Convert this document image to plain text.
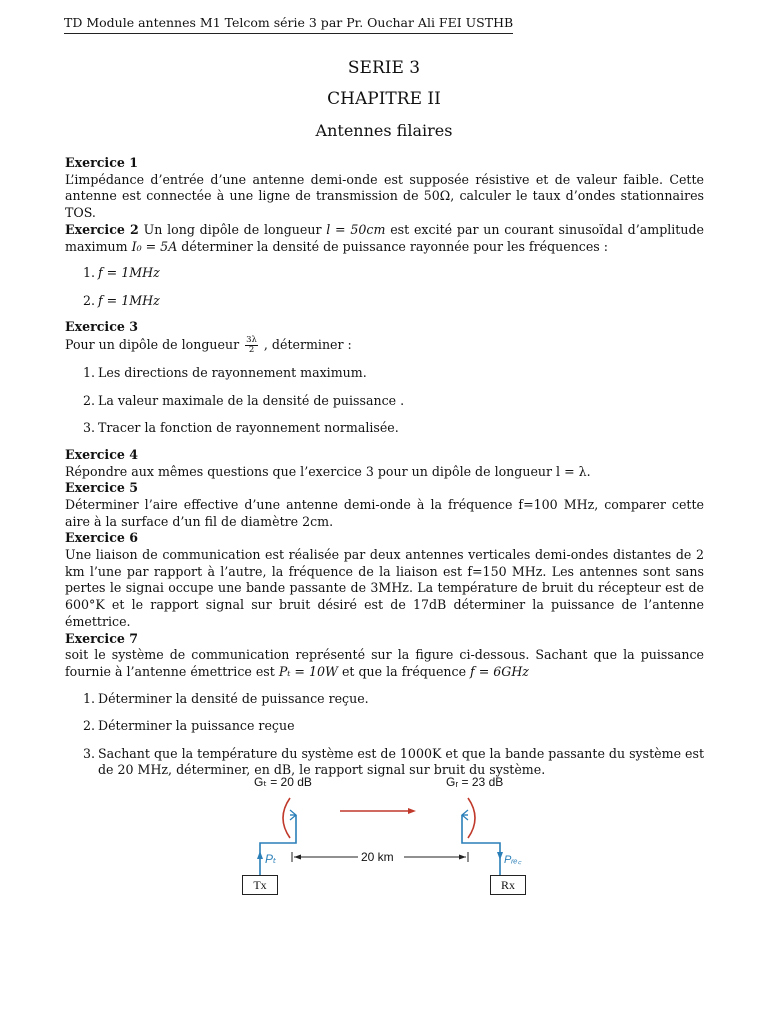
TD Module antennes M1 Telcom série 3 par Pr. Ouchar Ali FEI USTHB
SERIE 3
CHAPITRE II
Antennes filaires

Exercice 1

L’impédance d’entrée d’une antenne demi-onde est supposée résistive et de valeur faible. Cette antenne est connectée à une ligne de transmission de 50Ω, calculer le taux d’ondes stationnaires TOS.

Exercice 2 Un long dipôle de longueur l = 50cm est excité par un courant sinusoïdal d’amplitude maximum I₀ = 5A déterminer la densité de puissance rayonnée pour les fréquences :

1. f = 1MHz
2. f = 1MHz

Exercice 3

Pour un dipôle de longueur $\frac{3\lambda}{2}$ , déterminer :

1. Les directions de rayonnement maximum.
2. La valeur maximale de la densité de puissance .
3. Tracer la fonction de rayonnement normalisée.

Exercice 4

Répondre aux mêmes questions que l’exercice 3 pour un dipôle de longueur l = λ.

Exercice 5

Déterminer l’aire effective d’une antenne demi-onde à la fréquence f=100 MHz, comparer cette aire à la surface d’un fil de diamètre 2cm.

Exercice 6

Une liaison de communication est réalisée par deux antennes verticales demi-ondes distantes de 2 km l’une par rapport à l’autre, la fréquence de la liaison est f=150 MHz. Les antennes sont sans pertes le signai occupe une bande passante de 3MHz. La température de bruit du récepteur est de 600°K et le rapport signal sur bruit désiré est de 17dB déterminer la puissance de l’antenne émettrice.

Exercice 7

soit le système de communication représenté sur la figure ci-dessous. Sachant que la puissance fournie à l’antenne émettrice est Pₜ = 10W et que la fréquence f = 6GHz

1. Déterminer la densité de puissance reçue.
2. Déterminer la puissance reçue
3. Sachant que la température du système est de 1000K et que la bande passante du système est de 20 MHz, déterminer, en dB, le rapport signal sur bruit du système.
Gₜ = 20 dB	Gᵣ = 23 dB
Pₜ	Pᵣₑ꜀
20 km
Tx	Rx
